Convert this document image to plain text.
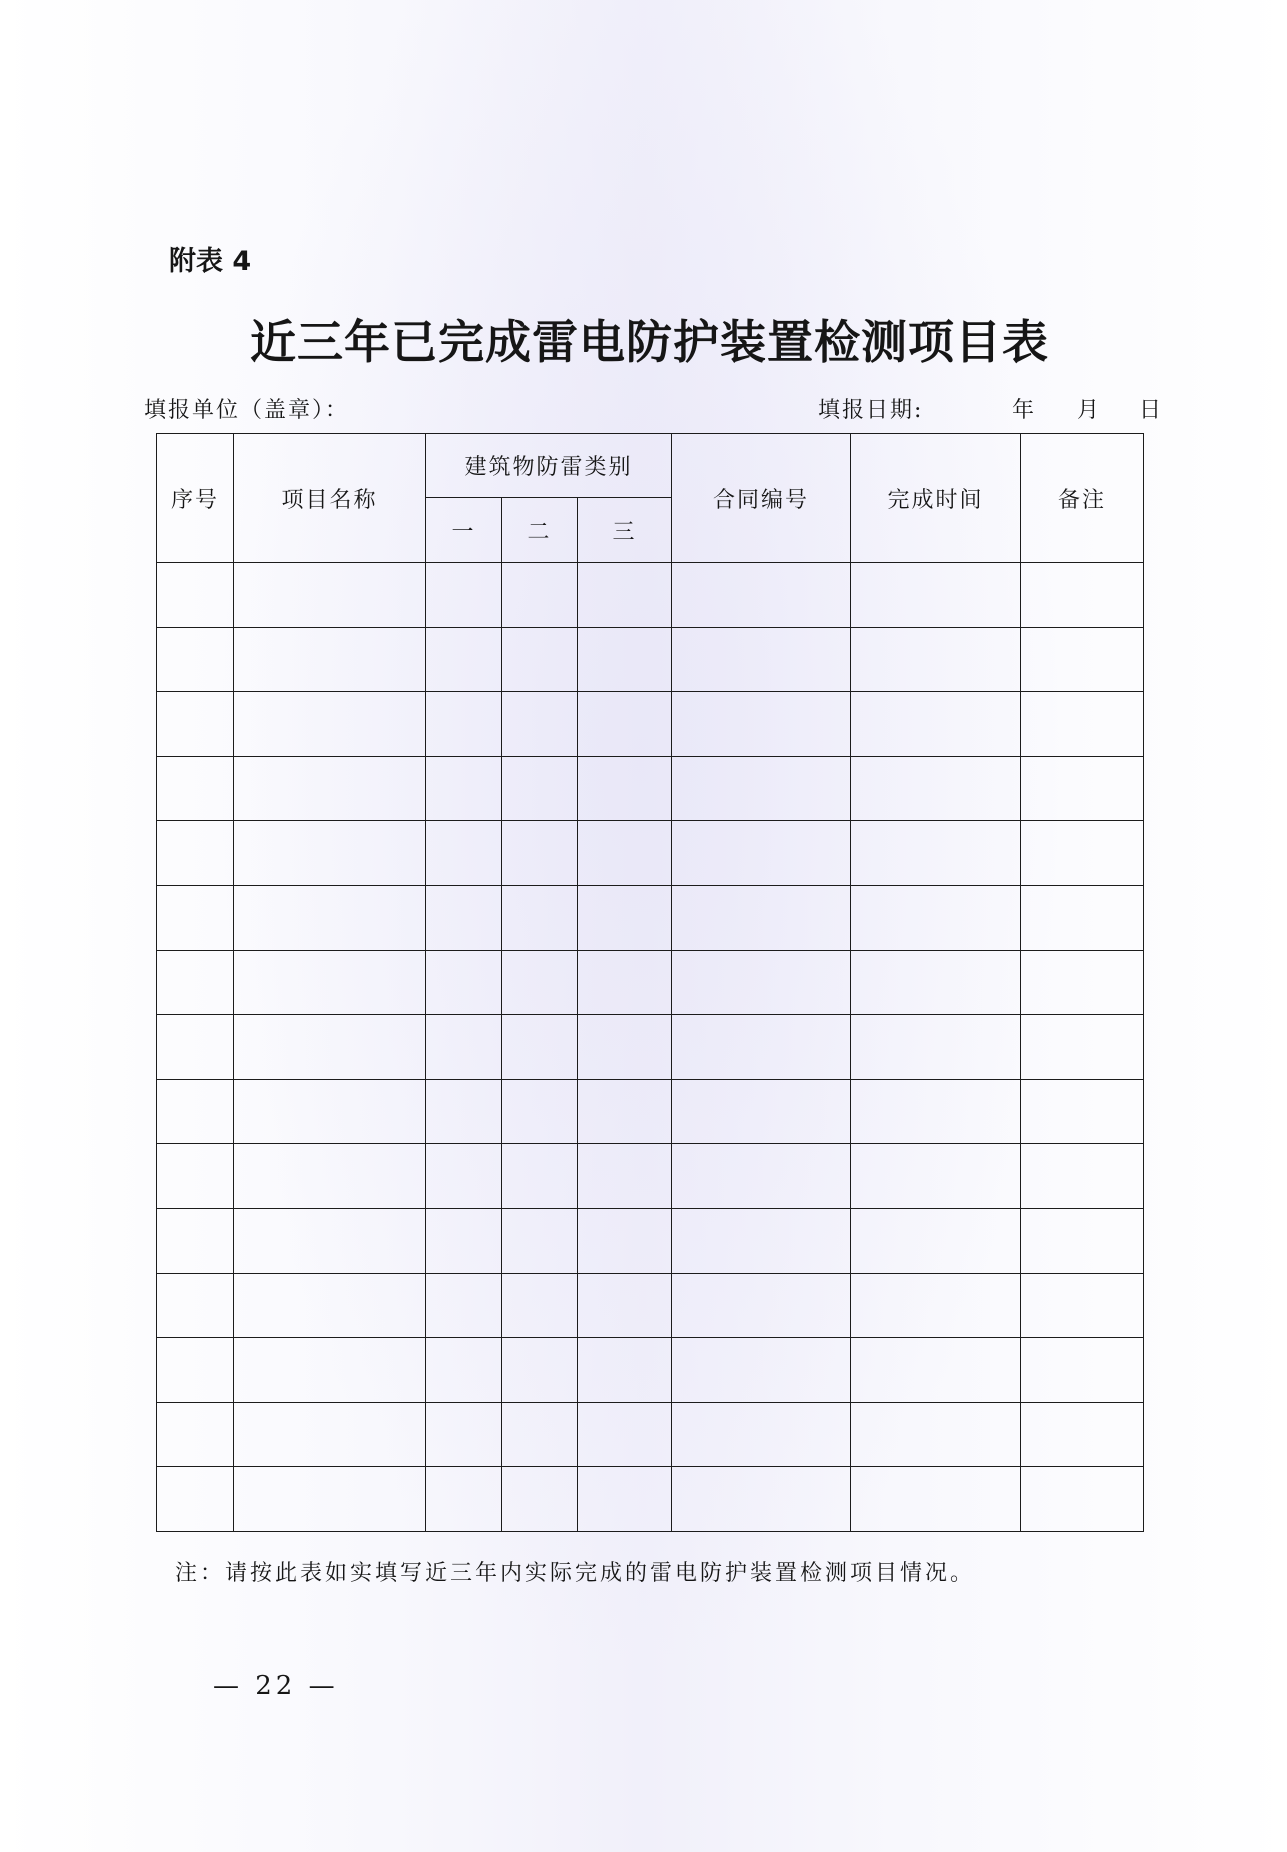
附表 4
近三年已完成雷电防护装置检测项目表
填报单位（盖章）：	填报日期:	年 月 日
序号	项目名称	建筑物防雷类别			合同编号	完成时间	备注
		一	二	三			

注：请按此表如实填写近三年内实际完成的雷电防护装置检测项目情况。
— 22 —
